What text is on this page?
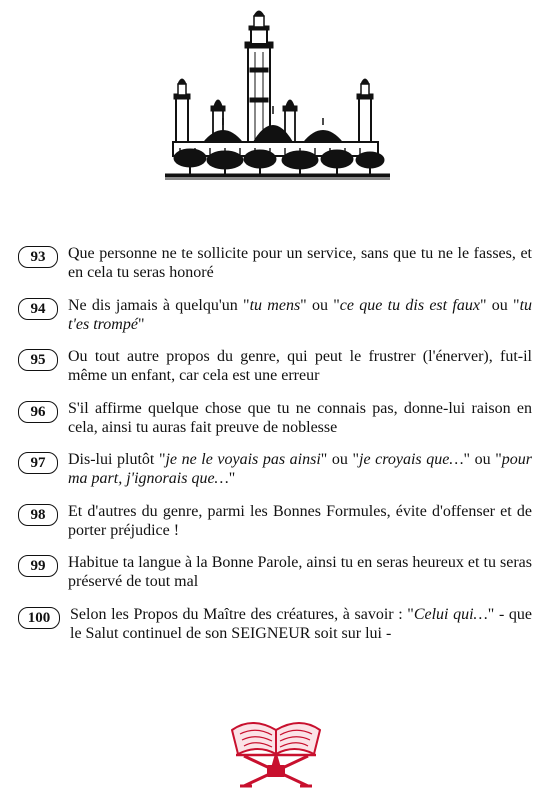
93	Que personne ne te sollicite pour un service, sans que tu ne le fasses, et en cela tu seras honoré
94	Ne dis jamais à quelqu'un "tu mens" ou "ce que tu dis est faux" ou "tu t'es trompé"
95	Ou tout autre propos du genre, qui peut le frustrer (l'énerver), fut-il même un enfant, car cela est une erreur
96	S'il affirme quelque chose que tu ne connais pas, donne-lui raison en cela, ainsi tu auras fait preuve de noblesse
97	Dis-lui plutôt "je ne le voyais pas ainsi" ou "je croyais que…" ou "pour ma part, j'ignorais que…"
98	Et d'autres du genre, parmi les Bonnes Formules, évite d'offenser et de porter préjudice !
99	Habitue ta langue à la Bonne Parole, ainsi tu en seras heureux et tu seras préservé de tout mal
100	Selon les Propos du Maître des créatures, à savoir : "Celui qui…" - que le Salut continuel de son SEIGNEUR soit sur lui -
